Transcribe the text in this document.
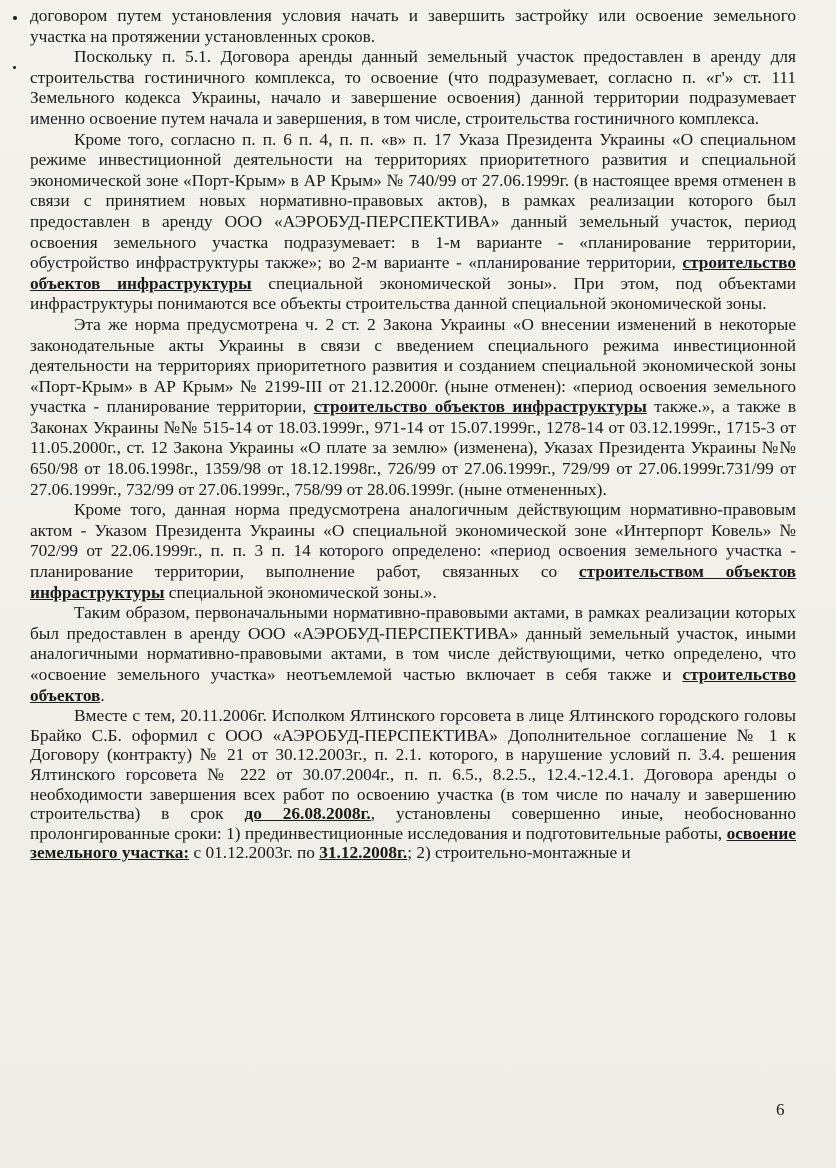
договором путем установления условия начать и завершить застройку или освоение земельного участка на протяжении установленных сроков.

Поскольку п. 5.1. Договора аренды данный земельный участок предоставлен в аренду для строительства гостиничного комплекса, то освоение (что подразумевает, согласно п. «г'» ст. 111 Земельного кодекса Украины, начало и завершение освоения) данной территории подразумевает именно освоение путем начала и завершения, в том числе, строительства гостиничного комплекса.

Кроме того, согласно п. п. 6 п. 4, п. п. «в» п. 17 Указа Президента Украины «О специальном режиме инвестиционной деятельности на территориях приоритетного развития и специальной экономической зоне «Порт-Крым» в АР Крым» № 740/99 от 27.06.1999г. (в настоящее время отменен в связи с принятием новых нормативно-правовых актов), в рамках реализации которого был предоставлен в аренду ООО «АЭРОБУД-ПЕРСПЕКТИВА» данный земельный участок, период освоения земельного участка подразумевает: в 1-м варианте - «планирование территории, обустройство инфраструктуры также»; во 2-м варианте - «планирование территории, строительство объектов инфраструктуры специальной экономической зоны». При этом, под объектами инфраструктуры понимаются все объекты строительства данной специальной экономической зоны.

Эта же норма предусмотрена ч. 2 ст. 2 Закона Украины «О внесении изменений в некоторые законодательные акты Украины в связи с введением специального режима инвестиционной деятельности на территориях приоритетного развития и созданием специальной экономической зоны «Порт-Крым» в АР Крым» № 2199-III от 21.12.2000г. (ныне отменен): «период освоения земельного участка - планирование территории, строительство объектов инфраструктуры также.», а также в Законах Украины №№ 515-14 от 18.03.1999г., 971-14 от 15.07.1999г., 1278-14 от 03.12.1999г., 1715-3 от 11.05.2000г., ст. 12 Закона Украины «О плате за землю» (изменена), Указах Президента Украины №№ 650/98 от 18.06.1998г., 1359/98 от 18.12.1998г., 726/99 от 27.06.1999г., 729/99 от 27.06.1999г.731/99 от 27.06.1999г., 732/99 от 27.06.1999г., 758/99 от 28.06.1999г. (ныне отмененных).

Кроме того, данная норма предусмотрена аналогичным действующим нормативно-правовым актом - Указом Президента Украины «О специальной экономической зоне «Интерпорт Ковель» № 702/99 от 22.06.1999г., п. п. 3 п. 14 которого определено: «период освоения земельного участка - планирование территории, выполнение работ, связанных со строительством объектов инфраструктуры специальной экономической зоны.».

Таким образом, первоначальными нормативно-правовыми актами, в рамках реализации которых был предоставлен в аренду ООО «АЭРОБУД-ПЕРСПЕКТИВА» данный земельный участок, иными аналогичными нормативно-правовыми актами, в том числе действующими, четко определено, что «освоение земельного участка» неотъемлемой частью включает в себя также и строительство объектов.

Вместе с тем, 20.11.2006г. Исполком Ялтинского горсовета в лице Ялтинского городского головы Брайко С.Б. оформил с ООО «АЭРОБУД-ПЕРСПЕКТИВА» Дополнительное соглашение № 1 к Договору (контракту) № 21 от 30.12.2003г., п. 2.1. которого, в нарушение условий п. 3.4. решения Ялтинского горсовета № 222 от 30.07.2004г., п. п. 6.5., 8.2.5., 12.4.-12.4.1. Договора аренды о необходимости завершения всех работ по освоению участка (в том числе по началу и завершению строительства) в срок до 26.08.2008г., установлены совершенно иные, необоснованно пролонгированные сроки: 1) прединвестиционные исследования и подготовительные работы, освоение земельного участка: с 01.12.2003г. по 31.12.2008г.; 2) строительно-монтажные и

6
